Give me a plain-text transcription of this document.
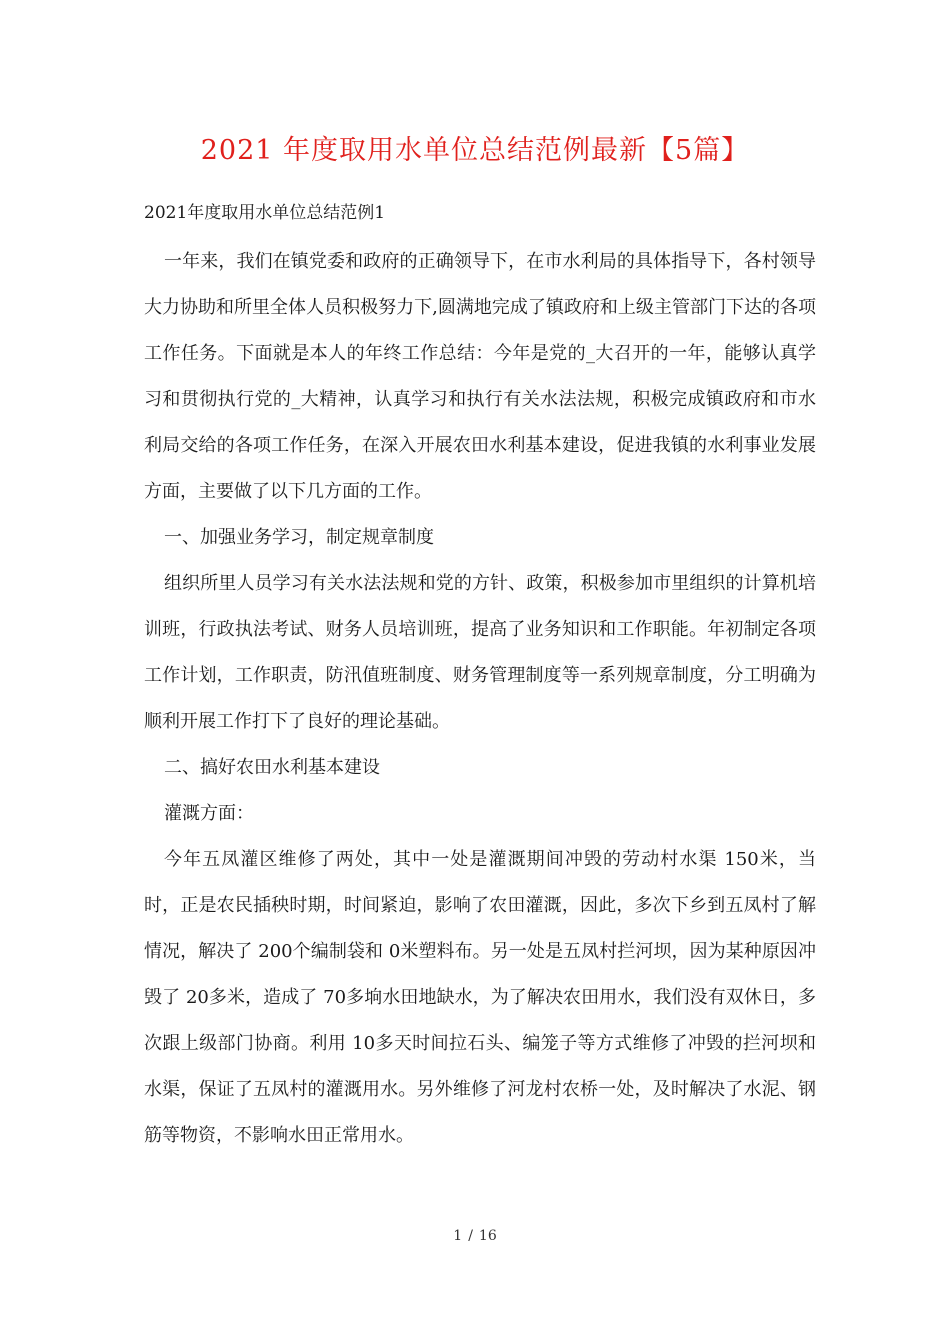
2021 年度取用水单位总结范例最新【5篇】

2021年度取用水单位总结范例1

一年来，我们在镇党委和政府的正确领导下，在市水利局的具体指导下，各村领导大力协助和所里全体人员积极努力下,圆满地完成了镇政府和上级主管部门下达的各项工作任务。下面就是本人的年终工作总结：今年是党的_大召开的一年，能够认真学习和贯彻执行党的_大精神，认真学习和执行有关水法法规，积极完成镇政府和市水利局交给的各项工作任务，在深入开展农田水利基本建设，促进我镇的水利事业发展方面，主要做了以下几方面的工作。

一、加强业务学习，制定规章制度

组织所里人员学习有关水法法规和党的方针、政策，积极参加市里组织的计算机培训班，行政执法考试、财务人员培训班，提高了业务知识和工作职能。年初制定各项工作计划，工作职责，防汛值班制度、财务管理制度等一系列规章制度，分工明确为顺利开展工作打下了良好的理论基础。

二、搞好农田水利基本建设

灌溉方面：

今年五凤灌区维修了两处，其中一处是灌溉期间冲毁的劳动村水渠 150米，当时，正是农民插秧时期，时间紧迫，影响了农田灌溉，因此，多次下乡到五凤村了解情况，解决了 200个编制袋和 0米塑料布。另一处是五凤村拦河坝，因为某种原因冲毁了 20多米，造成了 70多垧水田地缺水，为了解决农田用水，我们没有双休日，多次跟上级部门协商。利用 10多天时间拉石头、编笼子等方式维修了冲毁的拦河坝和水渠，保证了五凤村的灌溉用水。另外维修了河龙村农桥一处，及时解决了水泥、钢筋等物资，不影响水田正常用水。

1 / 16
